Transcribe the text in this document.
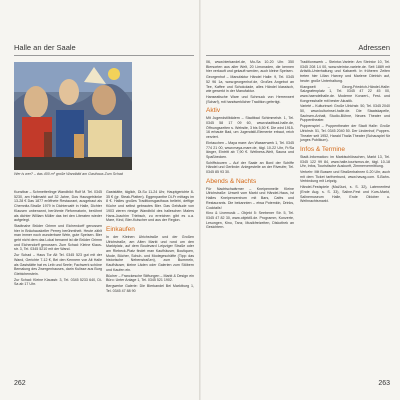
Halle an der Saale
Wer is wer? – das 400 m² große Wandbild am Gasthaus Zum Schad

Kunstbar – Schmetterlinge Wandbild: Rolf M. Tel. 0345 5230, am Hallmarkt auf 32 Jahre, Dos Hausgetränke 13-28 € Das 1877 eröffnete Restaurant, ausgebaut als Chemnitz-Straße 1979 in Dichtercafé in Halle, Dichter Klausen unbenannt, berühmte Reformatorin, berühmt als dichter William Müller das bei den Literaten wieder aufgelegt.

Stadtnahe Brüder Grimm und Eichendorff genossen hier in Bräuhauskeller Perrey berühmtheit. Heute zählt man immer noch wunderbare Wein, gute Speisen. Bier geht nicht dem das Lokal benannt ist die Brüder Grimm und Eichendorff genossen. Zum Schad: Kleine Klaus-str. 3, Tel. 0345 5210 mit der Wand.

Zur Schad – Haus Tor Alt Tel. 0345 523 gut mit der Wand, Gerichte 7-12 €, Bei den Kennern von Alt Halle als Gaststätte hat es Leib und Seele; Fachwerk schöne Bemalung des Zwergenhauses, darin Kulisse aus Burg Giebichenstein.

Zur Schad: Kleine Klausstr. 3, Tel. 0345 5233 640, Di-Sa ab 17 Uhr.

Gaststätte, täglich, Di-Su 11-24 Uhr, Hauptgerichte 8-35 € (gr. Steak-Platten). Eggenpanthe Di-Fr mittags im 8 €. Halles großes Traditionsgasthaus beliebt, deftige Küche und selbst gebrautes Bier. Das Gebäude von 1903 zieren riesige Wandbild des halleschen Malers Hans-Joachim Triebsch, zu erreichen gibt es u.a. Mare, Kind, Bier-Kutscher und aus der Region.

Einkaufen

In der Kleinen Ulrichstraße und der Großen Ulrichstraße, am Alten Markt und rund um den Marktplatz, auf dem Boulevard Leipziger Straße oder am Riebeck-Platz findet man Kaufhäuser, Boutiquen, Mode, Bücher, Schuh- und Modegeschäfte (Tipp: das historische Nebenstraßen), zum Bummeln, Kaufhäuser, kleine Läden oder Galerien zum Stöbern und Kaufen ein.

Bücher – Franckesche Stiftungen – Markt & Design ein Büro: Unter Anlage 1, Tel. 0345 521 1902.

Bergwerke Galerie: Die Bierkandel Bei Marktburg 1, Tel. 0345 47 88 90

262
Adressen

06, www.bierkandel.de, Mo-Sa 10-20 Uhr. 350 Biersorten aus aller Welt, 20 Limonaden, die kennen hier verkauft und gekauft werden, auch kleine Speisen.

Georgenhof – Manufaktur Händel Halle: 9, Tel. 0345 52 96 1a, www.georgenhof.de, Großes Angebot an Tee, Kaffee und Schokolade, alles Händel klassisch, wie gewerkt in der Manufaktur.

Hanseatische Ware und Schmuck von Herrenwert (Scharf), mit handwerklicher Tradition gefertigt.

Aktiv

Mit Jugendstilbädern – Stadtbad Schimmelstr. 1, Tel. 0345 58 17 09 60, www.stadtbad-halle.de, Öffnungszeiten s. Website, 3 bis 5,50 €. Die wird 1915-16 erbaute Bad, um Jugendstil-Elemente erbaut, reich verziert.

Eintauchen – Maya mare: Am Wasserwerk 1, Tel. 0345 774 21 00, www.maya-mare.de, tägl. 10-22 Uhr, Fr/Sa länger, Eintritt ab 7,90 €. Wellness-Welt, Sauna und Spaßbecken.

Schiffstouren – Auf der Saale an Bord der Schiffe Händel und Gerlinde: Anlegestelle an der Riveufer, Tel. 0345 85 93 30.

Abends & Nachts

Für Nachtschwärmer – Kneipenmeile Kleine Ulrichstraße: Unweit vom Markt und Händel-Haus, ist Halles Kneipenzentrum mit Bars, Cafés und Restaurants. Die bekannten – etwa Potemkin, Drinks, Cocktails!

Kino & Livemusik – Objekt 5: Seebener Str. 5, Tel. 0345 47 82 30, www.objekt5.de. Programm, Konzerte, Lesungen, Kino, Tanz, Musikfreizeiten, Diskothek an Gesichtern.

Traditionswerk – Steintor-Variete: Am Steintor 10, Tel. 0345 208 14 00, www.steintor-variete.de. Seit 1889 mit Artistik-Unterhaltung und Kabarett. In früheren Zeiten treten hier Lilian Harvey und Marlene Dietrich auf, heute: große Unterhaltung.

Klangwelt – Georg-Friedrich-Händel-Halle: Salzgrafenplatz 1, Tel. 0345 47 22 45 00, www.haendelhalle.de. Moderne Konzert-, Fest- und Kongresshalle mit bester Akustik.

Varieté – Kulturinsel: Große Ulrichstr. 50, Tel. 0345 2040 50, www.kulturinsel-halle.de. Die Staatskapelle, Sachsen-Anhalt, Studio-Bühne, Neues Theater und Puppentheater.

Puppenspiel – Puppentheater der Stadt Halle: Große Ulrichstr. 51, Tel. 0345 2040 50. Der Lindenhof, Puppen-Theater seit 1952, Harald Thalia Theater (Schauspiel für junges Publikum).

Infos & Termine

Stadt-Information: im Marktschlösschen, Markt 13, Tel. 0345 122 99 84, www.halle-tourismus.de, tägl. 10-18 Uhr, Infos, Touristische Auskunft, Zimmervermittlung.

Verkehr: Mit Bussen und Straßenbahnen 0-20 Uhr, auch mit dem Ticket tarifverbund, www.havag.com. S-Bahn-Verbindung mit Leipzig.

Händel-Festspiele (Mai/Juni, s. S. 32), Laternenfest (Ende Aug. s. S. 33), Saline-Fest und Kurs-Markt, Salinemuseum Halle, Ende Oktober u. Weihnachtsmarkt.

263
